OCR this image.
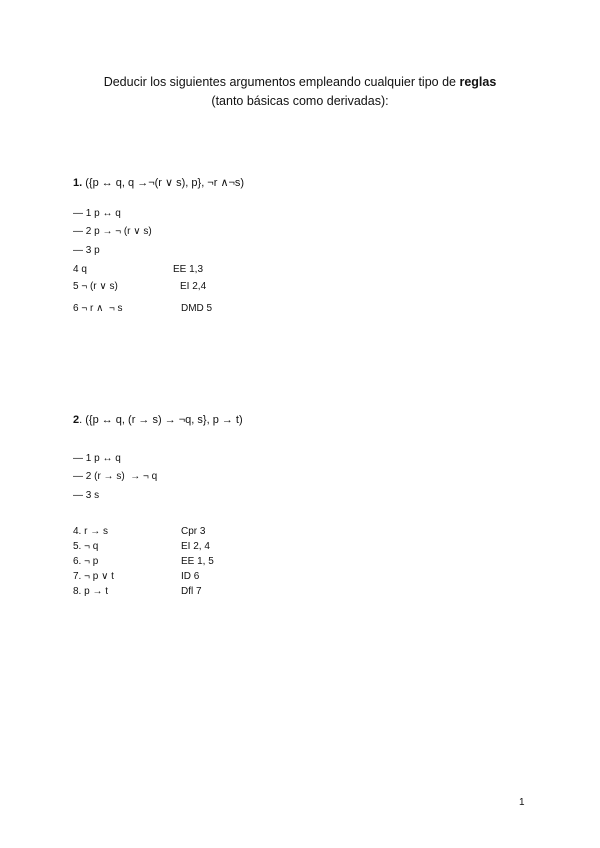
Deducir los siguientes argumentos empleando cualquier tipo de reglas
(tanto básicas como derivadas):
1. ({p ↔ q, q →¬(r ∨ s), p}, ¬r ∧¬s)
— 1 p ↔ q
— 2 p → ¬ (r ∨ s)
— 3 p
4 q	EE 1,3
5 ¬ (r ∨ s)	EI 2,4
6 ¬ r ∧  ¬ s	DMD 5
2. ({p ↔ q, (r → s) → ¬q, s}, p → t)
— 1 p ↔ q
— 2 (r → s)  → ¬ q
— 3 s
4. r → s	Cpr 3
5. ¬ q	EI 2, 4
6. ¬ p	EE 1, 5
7. ¬ p ∨ t	ID 6
8. p → t	Dfl 7
1
